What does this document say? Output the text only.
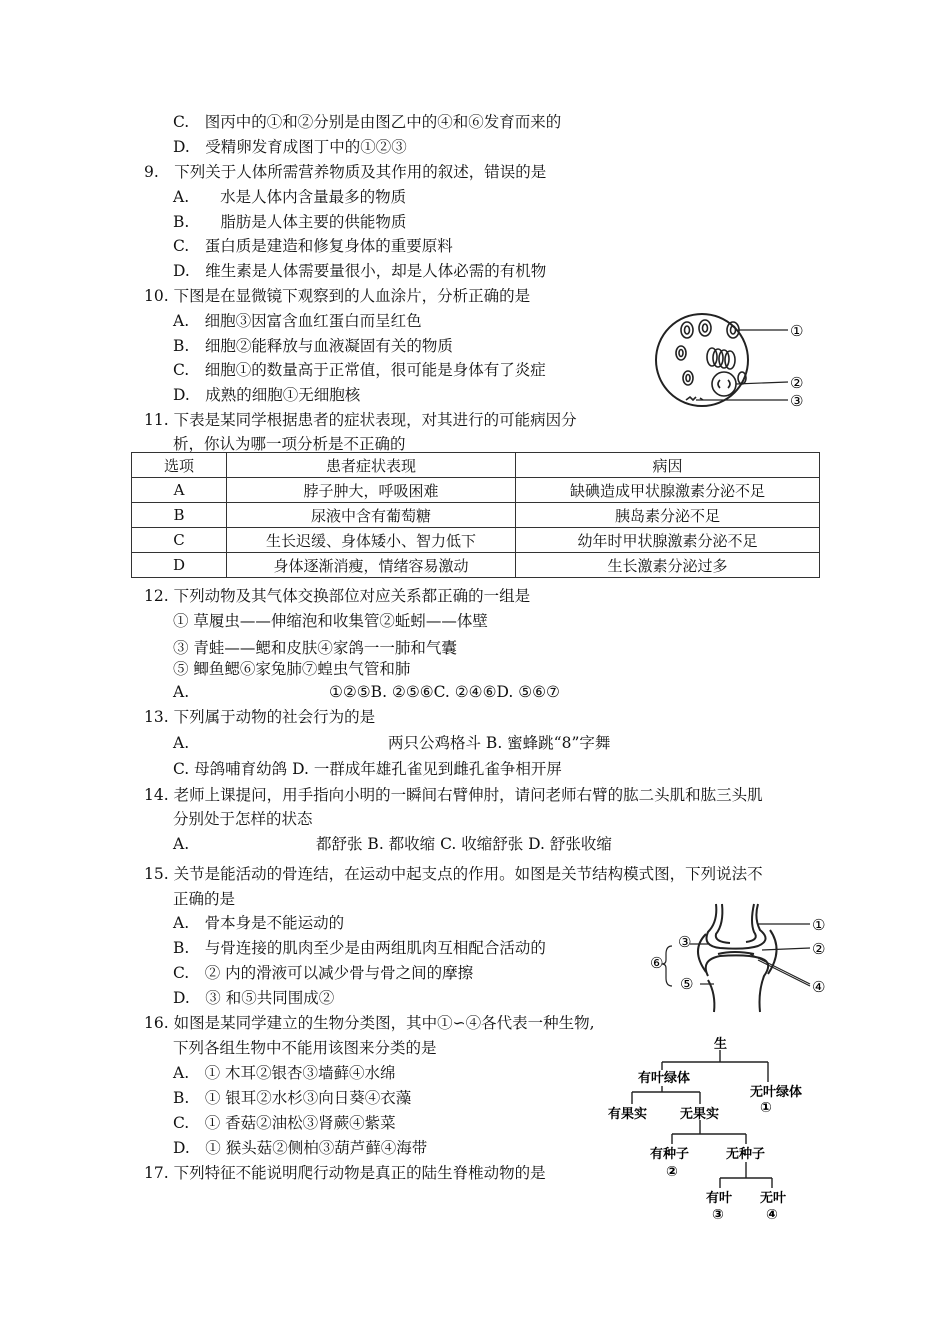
C.　图丙中的①和②分别是由图乙中的④和⑥发育而来的
D.　受精卵发育成图丁中的①②③
9.　下列关于人体所需营养物质及其作用的叙述，错误的是
A.　　水是人体内含量最多的物质
B.　　脂肪是人体主要的供能物质
C.　蛋白质是建造和修复身体的重要原料
D.　维生素是人体需要量很小，却是人体必需的有机物
10. 下图是在显微镜下观察到的人血涂片，分析正确的是
A.　细胞③因富含血红蛋白而呈红色
B.　细胞②能释放与血液凝固有关的物质
C.　细胞①的数量高于正常值，很可能是身体有了炎症
D.　成熟的细胞①无细胞核
11. 下表是某同学根据患者的症状表现，对其进行的可能病因分
析，你认为哪一项分析是不正确的
选项	患者症状表现	病因
A	脖子肿大，呼吸困难	缺碘造成甲状腺激素分泌不足
B	尿液中含有葡萄糖	胰岛素分泌不足
C	生长迟缓、身体矮小、智力低下	幼年时甲状腺激素分泌不足
D	身体逐渐消瘦，情绪容易激动	生长激素分泌过多
12. 下列动物及其气体交换部位对应关系都正确的一组是
① 草履虫——伸缩泡和收集管②蚯蚓——体壁
③ 青蛙——鳃和皮肤④家鸽一一肺和气囊
⑤ 鲫鱼鳃⑥家兔肺⑦蝗虫气管和肺
A.	①②⑤B. ②⑤⑥C. ②④⑥D. ⑤⑥⑦
13. 下列属于动物的社会行为的是
A.	两只公鸡格斗 B. 蜜蜂跳“8”字舞
C. 母鸽哺育幼鸽 D. 一群成年雄孔雀见到雌孔雀争相开屏
14. 老师上课提问，用手指向小明的一瞬间右臂伸肘，请问老师右臂的肱二头肌和肱三头肌
分别处于怎样的状态
A.	都舒张 B. 都收缩 C. 收缩舒张 D. 舒张收缩
15. 关节是能活动的骨连结，在运动中起支点的作用。如图是关节结构模式图，下列说法不
正确的是
A.　骨本身是不能运动的
B.　与骨连接的肌肉至少是由两组肌肉互相配合活动的
C.　② 内的滑液可以减少骨与骨之间的摩擦
D.　③ 和⑤共同围成②
16. 如图是某同学建立的生物分类图，其中①∽④各代表一种生物,
下列各组生物中不能用该图来分类的是
A.　① 木耳②银杏③墙藓④水绵
B.　① 银耳②水杉③向日葵④衣藻
C.　① 香菇②油松③肾蕨④紫菜
D.　① 猴头菇②侧柏③葫芦藓④海带
17. 下列特征不能说明爬行动物是真正的陆生脊椎动物的是
①
②
③
①
②
③
④
⑤
⑥
生
有叶绿体
无叶绿体
①
有果实	无果实
有种子
②
无种子
有叶
③
无叶
④
